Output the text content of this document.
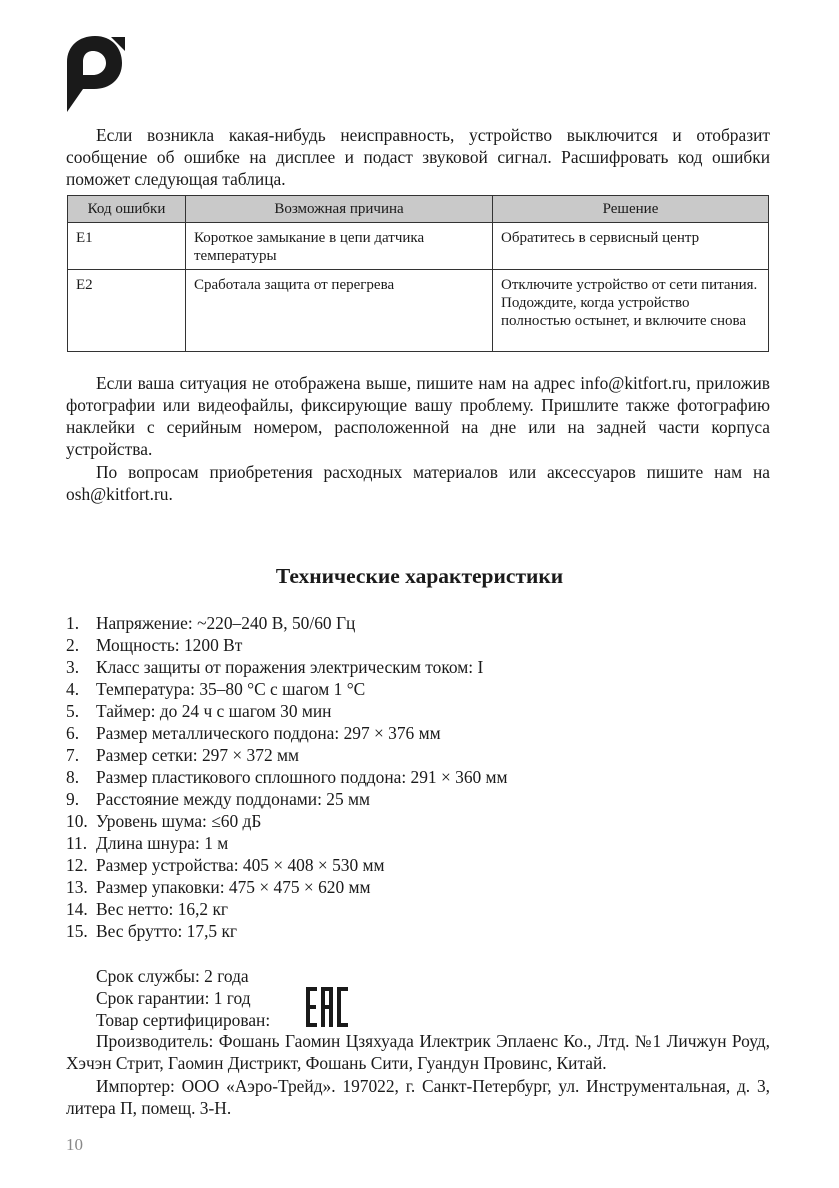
Если возникла какая-нибудь неисправность, устройство выключится и отобразит сообщение об ошибке на дисплее и подаст звуковой сигнал. Расшифровать код ошибки поможет следующая таблица.

Код ошибки	Возможная причина	Решение
E1	Короткое замыкание в цепи датчика температуры	Обратитесь в сервисный центр
E2	Сработала защита от перегрева	Отключите устройство от сети питания. Подождите, когда устройство полностью остынет, и включите снова

Если ваша ситуация не отображена выше, пишите нам на адрес info@kitfort.ru, приложив фотографии или видеофайлы, фиксирующие вашу проблему. Пришлите также фотографию наклейки с серийным номером, расположенной на дне или на задней части корпуса устройства.

По вопросам приобретения расходных материалов или аксессуаров пишите нам на osh@kitfort.ru.

Технические характеристики
1. Напряжение: ~220–240 В, 50/60 Гц
2. Мощность: 1200 Вт
3. Класс защиты от поражения электрическим током: I
4. Температура: 35–80 °С с шагом 1 °С
5. Таймер: до 24 ч с шагом 30 мин
6. Размер металлического поддона: 297 × 376 мм
7. Размер сетки: 297 × 372 мм
8. Размер пластикового сплошного поддона: 291 × 360 мм
9. Расстояние между поддонами: 25 мм
10. Уровень шума: ≤60 дБ
11. Длина шнура: 1 м
12. Размер устройства: 405 × 408 × 530 мм
13. Размер упаковки: 475 × 475 × 620 мм
14. Вес нетто: 16,2 кг
15. Вес брутто: 17,5 кг
Срок службы: 2 года
Срок гарантии: 1 год
Товар сертифицирован:

Производитель: Фошань Гаомин Цзяхуада Илектрик Эплаенс Ко., Лтд. №1 Личжун Роуд, Хэчэн Стрит, Гаомин Дистрикт, Фошань Сити, Гуандун Провинс, Китай.

Импортер: ООО «Аэро-Трейд». 197022, г. Санкт-Петербург, ул. Инструментальная, д. 3, литера П, помещ. 3-Н.

10
